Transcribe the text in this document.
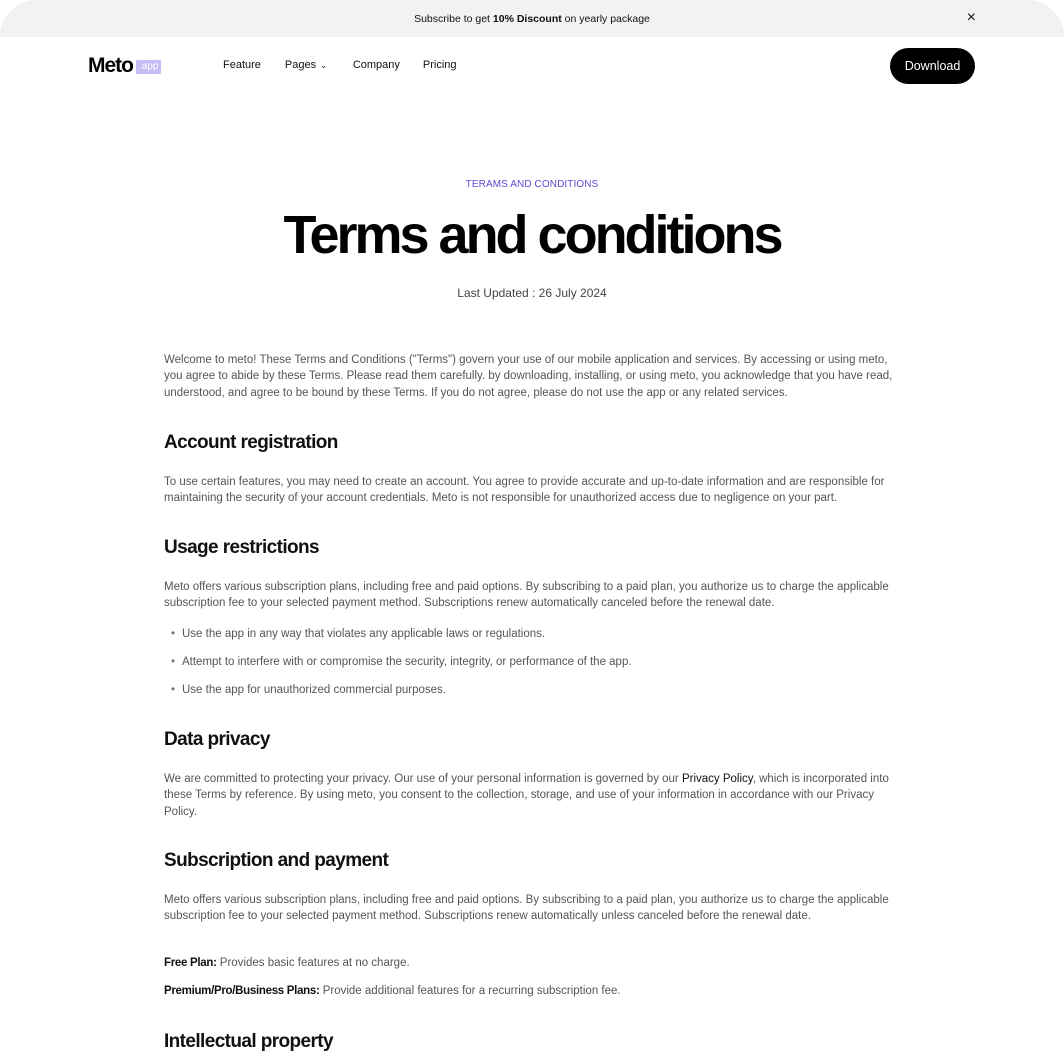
Subscribe to get 10% Discount on yearly package	×
Meto .app	Feature Pages ⌄ Company Pricing	Download
TERAMS AND CONDITIONS
Terms and conditions
Last Updated : 26 July 2024
Welcome to meto! These Terms and Conditions ("Terms") govern your use of our mobile application and services. By accessing or using meto, you agree to abide by these Terms. Please read them carefully. by downloading, installing, or using meto, you acknowledge that you have read, understood, and agree to be bound by these Terms. If you do not agree, please do not use the app or any related services.
Account registration
To use certain features, you may need to create an account. You agree to provide accurate and up-to-date information and are responsible for maintaining the security of your account credentials. Meto is not responsible for unauthorized access due to negligence on your part.
Usage restrictions
Meto offers various subscription plans, including free and paid options. By subscribing to a paid plan, you authorize us to charge the applicable subscription fee to your selected payment method. Subscriptions renew automatically canceled before the renewal date.
• Use the app in any way that violates any applicable laws or regulations.
• Attempt to interfere with or compromise the security, integrity, or performance of the app.
• Use the app for unauthorized commercial purposes.
Data privacy
We are committed to protecting your privacy. Our use of your personal information is governed by our Privacy Policy, which is incorporated into these Terms by reference. By using meto, you consent to the collection, storage, and use of your information in accordance with our Privacy Policy.
Subscription and payment
Meto offers various subscription plans, including free and paid options. By subscribing to a paid plan, you authorize us to charge the applicable subscription fee to your selected payment method. Subscriptions renew automatically unless canceled before the renewal date.
Free Plan: Provides basic features at no charge.
Premium/Pro/Business Plans: Provide additional features for a recurring subscription fee.
Intellectual property
